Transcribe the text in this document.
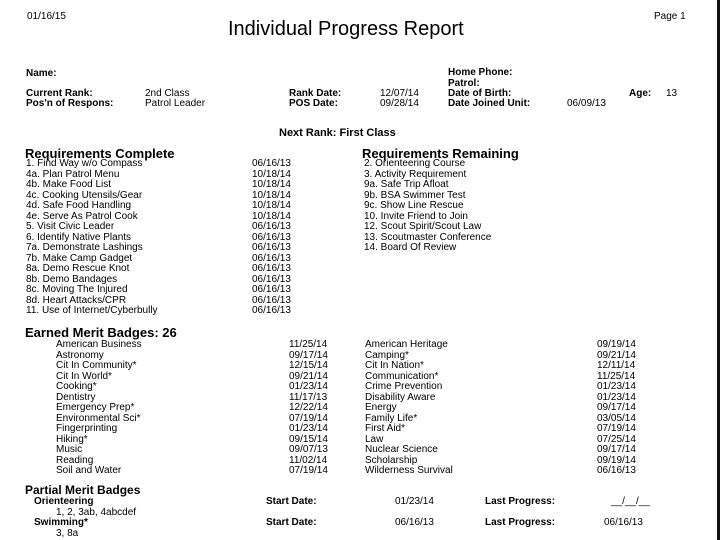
01/16/15
Individual Progress Report
Page 1
Name:	Home Phone:
Patrol:
Current Rank:	2nd Class	Rank Date:	12/07/14	Date of Birth:	Age: 13
Pos'n of Respons:	Patrol Leader	POS Date:	09/28/14	Date Joined Unit:	06/09/13
Next Rank: First Class
Requirements Complete	Requirements Remaining
1. Find Way w/o Compass	06/16/13
4a. Plan Patrol Menu	10/18/14
4b. Make Food List	10/18/14
4c. Cooking Utensils/Gear	10/18/14
4d. Safe Food Handling	10/18/14
4e. Serve As Patrol Cook	10/18/14
5. Visit Civic Leader	06/16/13
6. Identify Native Plants	06/16/13
7a. Demonstrate Lashings	06/16/13
7b. Make Camp Gadget	06/16/13
8a. Demo Rescue Knot	06/16/13
8b. Demo Bandages	06/16/13
8c. Moving The Injured	06/16/13
8d. Heart Attacks/CPR	06/16/13
11. Use of Internet/Cyberbully	06/16/13
2. Orienteering Course
3. Activity Requirement
9a. Safe Trip Afloat
9b. BSA Swimmer Test
9c. Show Line Rescue
10. Invite Friend to Join
12. Scout Spirit/Scout Law
13. Scoutmaster Conference
14. Board Of Review
Earned Merit Badges: 26
American Business	11/25/14	American Heritage	09/19/14
Astronomy	09/17/14	Camping*	09/21/14
Cit In Community*	12/15/14	Cit In Nation*	12/11/14
Cit In World*	09/21/14	Communication*	11/25/14
Cooking*	01/23/14	Crime Prevention	01/23/14
Dentistry	11/17/13	Disability Aware	01/23/14
Emergency Prep*	12/22/14	Energy	09/17/14
Environmental Sci*	07/19/14	Family Life*	03/05/14
Fingerprinting	01/23/14	First Aid*	07/19/14
Hiking*	09/15/14	Law	07/25/14
Music	09/07/13	Nuclear Science	09/17/14
Reading	11/02/14	Scholarship	09/19/14
Soil and Water	07/19/14	Wilderness Survival	06/16/13
Partial Merit Badges
Orienteering	Start Date:	01/23/14	Last Progress:	__/__/__
1, 2, 3ab, 4abcdef
Swimming*	Start Date:	06/16/13	Last Progress:	06/16/13
3, 8a
